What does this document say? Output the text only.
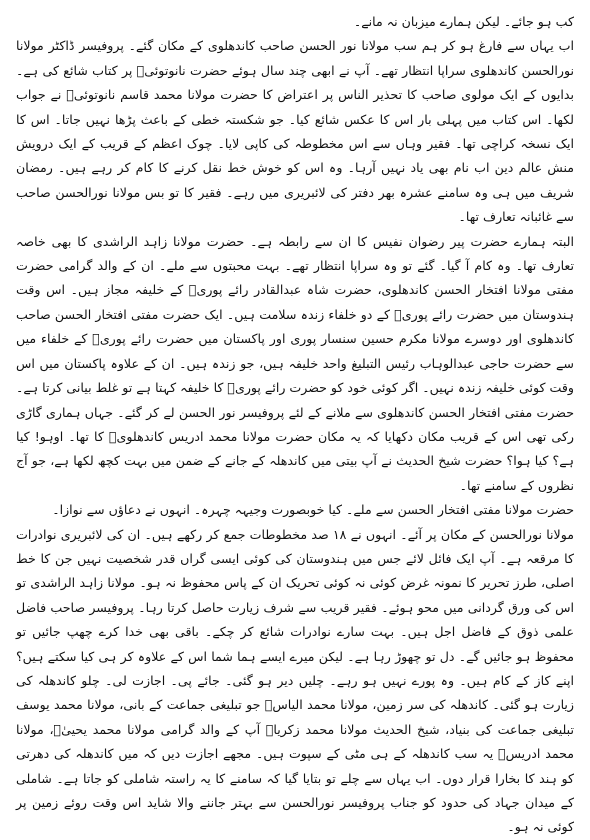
کب ہو جائے۔ لیکن ہمارے میزبان نہ مانے۔

اب یہاں سے فارغ ہو کر ہم سب مولانا نور الحسن صاحب کاندھلوی کے مکان گئے۔ پروفیسر ڈاکٹر مولانا نورالحسن کاندھلوی سراپا انتظار تھے۔ آپ نے ابھی چند سال ہوئے حضرت نانوتوئیؒ پر کتاب شائع کی ہے۔ بدایوں کے ایک مولوی صاحب کا تحذیر الناس پر اعتراض کا حضرت مولانا محمد قاسم نانوتوئیؒ نے جواب لکھا۔ اس کتاب میں پہلی بار اس کا عکس شائع کیا۔ جو شکستہ خطی کے باعث پڑھا نہیں جاتا۔ اس کا ایک نسخہ کراچی تھا۔ فقیر وہاں سے اس مخطوطہ کی کاپی لایا۔ چوک اعظم کے قریب کے ایک درویش منش عالم دین اب نام بھی یاد نہیں آرہا۔ وہ اس کو خوش خط نقل کرنے کا کام کر رہے ہیں۔ رمضان شریف میں ہی وہ سامنے عشرہ بھر دفتر کی لائبریری میں رہے۔ فقیر کا تو بس مولانا نورالحسن صاحب سے غائبانہ تعارف تھا۔

البتہ ہمارے حضرت پیر رضوان نفیس کا ان سے رابطہ ہے۔ حضرت مولانا زاہد الراشدی کا بھی خاصہ تعارف تھا۔ وہ کام آ گیا۔ گئے تو وہ سراپا انتظار تھے۔ بہت محبتوں سے ملے۔ ان کے والد گرامی حضرت مفتی مولانا افتخار الحسن کاندھلوی، حضرت شاہ عبدالقادر رائے پوریؒ کے خلیفہ مجاز ہیں۔ اس وقت ہندوستان میں حضرت رائے پوریؒ کے دو خلفاء زندہ سلامت ہیں۔ ایک حضرت مفتی افتخار الحسن صاحب کاندھلوی اور دوسرے مولانا مکرم حسین سنسار پوری اور پاکستان میں حضرت رائے پوریؒ کے خلفاء میں سے حضرت حاجی عبدالوہاب رئیس التبلیغ واحد خلیفہ ہیں، جو زندہ ہیں۔ ان کے علاوہ پاکستان میں اس وقت کوئی خلیفہ زندہ نہیں۔ اگر کوئی خود کو حضرت رائے پوریؒ کا خلیفہ کہتا ہے تو غلط بیانی کرتا ہے۔ حضرت مفتی افتخار الحسن کاندھلوی سے ملانے کے لئے پروفیسر نور الحسن لے کر گئے۔ جہاں ہماری گاڑی رکی تھی اس کے قریب مکان دکھایا کہ یہ مکان حضرت مولانا محمد ادریس کاندھلویؒ کا تھا۔ اوہو! کیا ہے؟ کیا ہوا؟ حضرت شیخ الحدیث نے آپ بیتی میں کاندھلہ کے جانے کے ضمن میں بہت کچھ لکھا ہے، جو آج نظروں کے سامنے تھا۔

حضرت مولانا مفتی افتخار الحسن سے ملے۔ کیا خوبصورت وجیہہ چہرہ۔ انہوں نے دعاؤں سے نوازا۔

مولانا نورالحسن کے مکان پر آئے۔ انہوں نے ۱۸ صد مخطوطات جمع کر رکھے ہیں۔ ان کی لائبریری نوادرات کا مرقعہ ہے۔ آپ ایک فائل لائے جس میں ہندوستان کی کوئی ایسی گراں قدر شخصیت نہیں جن کا خط اصلی، طرز تحریر کا نمونہ غرض کوئی نہ کوئی تحریک ان کے پاس محفوظ نہ ہو۔ مولانا زاہد الراشدی تو اس کی ورق گردانی میں محو ہوئے۔ فقیر قریب سے شرف زیارت حاصل کرتا رہا۔ پروفیسر صاحب فاضل علمی ذوق کے فاضل اجل ہیں۔ بہت سارے نوادرات شائع کر چکے۔ باقی بھی خدا کرے چھپ جائیں تو محفوظ ہو جائیں گے۔ دل تو چھوڑ رہا ہے۔ لیکن میرے ایسے ہما شما اس کے علاوہ کر ہی کیا سکتے ہیں؟ اپنے کاز کے کام ہیں۔ وہ پورے نہیں ہو رہے۔ چلیں دیر ہو گئی۔ جائے پی۔ اجازت لی۔ چلو کاندھلہ کی زیارت ہو گئی۔ کاندھلہ کی سر زمین، مولانا محمد الیاسؒ جو تبلیغی جماعت کے بانی، مولانا محمد یوسف تبلیغی جماعت کی بنیاد، شیخ الحدیث مولانا محمد زکریاؒ آپ کے والد گرامی مولانا محمد یحییٰؒ، مولانا محمد ادریسؒ یہ سب کاندھلہ کے ہی مٹی کے سپوت ہیں۔ مجھے اجازت دیں کہ میں کاندھلہ کی دھرتی کو ہند کا بخارا قرار دوں۔ اب یہاں سے چلے تو بتایا گیا کہ سامنے کا یہ راستہ شاملی کو جاتا ہے۔ شاملی کے میدان جہاد کی حدود کو جناب پروفیسر نورالحسن سے بہتر جاننے والا شاید اس وقت روئے زمین پر کوئی نہ ہو۔
